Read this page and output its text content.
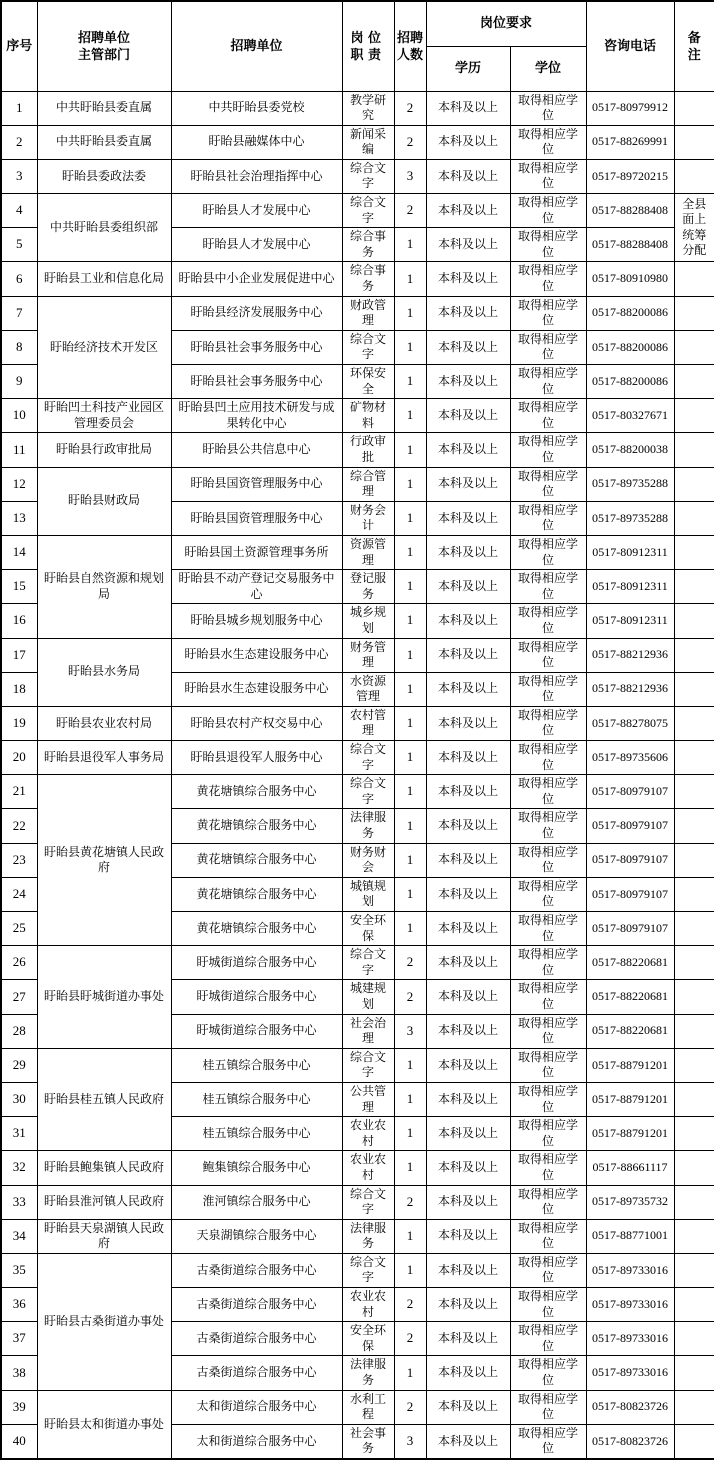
序号	招聘单位主管部门	招聘单位	岗位职责	招聘人数	岗位要求		咨询电话	备注
					学历	学位		
1	中共盱眙县委直属	中共盱眙县委党校	教学研究	2	本科及以上	取得相应学位	0517-80979912	
2	中共盱眙县委直属	盱眙县融媒体中心	新闻采编	2	本科及以上	取得相应学位	0517-88269991	
3	盱眙县委政法委	盱眙县社会治理指挥中心	综合文字	3	本科及以上	取得相应学位	0517-89720215	
4	中共盱眙县委组织部	盱眙县人才发展中心	综合文字	2	本科及以上	取得相应学位	0517-88288408	全县面上统筹分配
5		盱眙县人才发展中心	综合事务	1	本科及以上	取得相应学位	0517-88288408	
6	盱眙县工业和信息化局	盱眙县中小企业发展促进中心	综合事务	1	本科及以上	取得相应学位	0517-80910980	
7	盱眙经济技术开发区	盱眙县经济发展服务中心	财政管理	1	本科及以上	取得相应学位	0517-88200086	
8		盱眙县社会事务服务中心	综合文字	1	本科及以上	取得相应学位	0517-88200086	
9		盱眙县社会事务服务中心	环保安全	1	本科及以上	取得相应学位	0517-88200086	
10	盱眙凹土科技产业园区管理委员会	盱眙县凹土应用技术研发与成果转化中心	矿物材料	1	本科及以上	取得相应学位	0517-80327671	
11	盱眙县行政审批局	盱眙县公共信息中心	行政审批	1	本科及以上	取得相应学位	0517-88200038	
12	盱眙县财政局	盱眙县国资管理服务中心	综合管理	1	本科及以上	取得相应学位	0517-89735288	
13		盱眙县国资管理服务中心	财务会计	1	本科及以上	取得相应学位	0517-89735288	
14	盱眙县自然资源和规划局	盱眙县国土资源管理事务所	资源管理	1	本科及以上	取得相应学位	0517-80912311	
15		盱眙县不动产登记交易服务中心	登记服务	1	本科及以上	取得相应学位	0517-80912311	
16		盱眙县城乡规划服务中心	城乡规划	1	本科及以上	取得相应学位	0517-80912311	
17	盱眙县水务局	盱眙县水生态建设服务中心	财务管理	1	本科及以上	取得相应学位	0517-88212936	
18		盱眙县水生态建设服务中心	水资源管理	1	本科及以上	取得相应学位	0517-88212936	
19	盱眙县农业农村局	盱眙县农村产权交易中心	农村管理	1	本科及以上	取得相应学位	0517-88278075	
20	盱眙县退役军人事务局	盱眙县退役军人服务中心	综合文字	1	本科及以上	取得相应学位	0517-89735606	
21	盱眙县黄花塘镇人民政府	黄花塘镇综合服务中心	综合文字	1	本科及以上	取得相应学位	0517-80979107	
22		黄花塘镇综合服务中心	法律服务	1	本科及以上	取得相应学位	0517-80979107	
23		黄花塘镇综合服务中心	财务财会	1	本科及以上	取得相应学位	0517-80979107	
24		黄花塘镇综合服务中心	城镇规划	1	本科及以上	取得相应学位	0517-80979107	
25		黄花塘镇综合服务中心	安全环保	1	本科及以上	取得相应学位	0517-80979107	
26	盱眙县盱城街道办事处	盱城街道综合服务中心	综合文字	2	本科及以上	取得相应学位	0517-88220681	
27		盱城街道综合服务中心	城建规划	2	本科及以上	取得相应学位	0517-88220681	
28		盱城街道综合服务中心	社会治理	3	本科及以上	取得相应学位	0517-88220681	
29	盱眙县桂五镇人民政府	桂五镇综合服务中心	综合文字	1	本科及以上	取得相应学位	0517-88791201	
30		桂五镇综合服务中心	公共管理	1	本科及以上	取得相应学位	0517-88791201	
31		桂五镇综合服务中心	农业农村	1	本科及以上	取得相应学位	0517-88791201	
32	盱眙县鲍集镇人民政府	鲍集镇综合服务中心	农业农村	1	本科及以上	取得相应学位	0517-88661117	
33	盱眙县淮河镇人民政府	淮河镇综合服务中心	综合文字	2	本科及以上	取得相应学位	0517-89735732	
34	盱眙县天泉湖镇人民政府	天泉湖镇综合服务中心	法律服务	1	本科及以上	取得相应学位	0517-88771001	
35	盱眙县古桑街道办事处	古桑街道综合服务中心	综合文字	1	本科及以上	取得相应学位	0517-89733016	
36		古桑街道综合服务中心	农业农村	2	本科及以上	取得相应学位	0517-89733016	
37		古桑街道综合服务中心	安全环保	2	本科及以上	取得相应学位	0517-89733016	
38		古桑街道综合服务中心	法律服务	1	本科及以上	取得相应学位	0517-89733016	
39	盱眙县太和街道办事处	太和街道综合服务中心	水利工程	2	本科及以上	取得相应学位	0517-80823726	
40		太和街道综合服务中心	社会事务	3	本科及以上	取得相应学位	0517-80823726	
